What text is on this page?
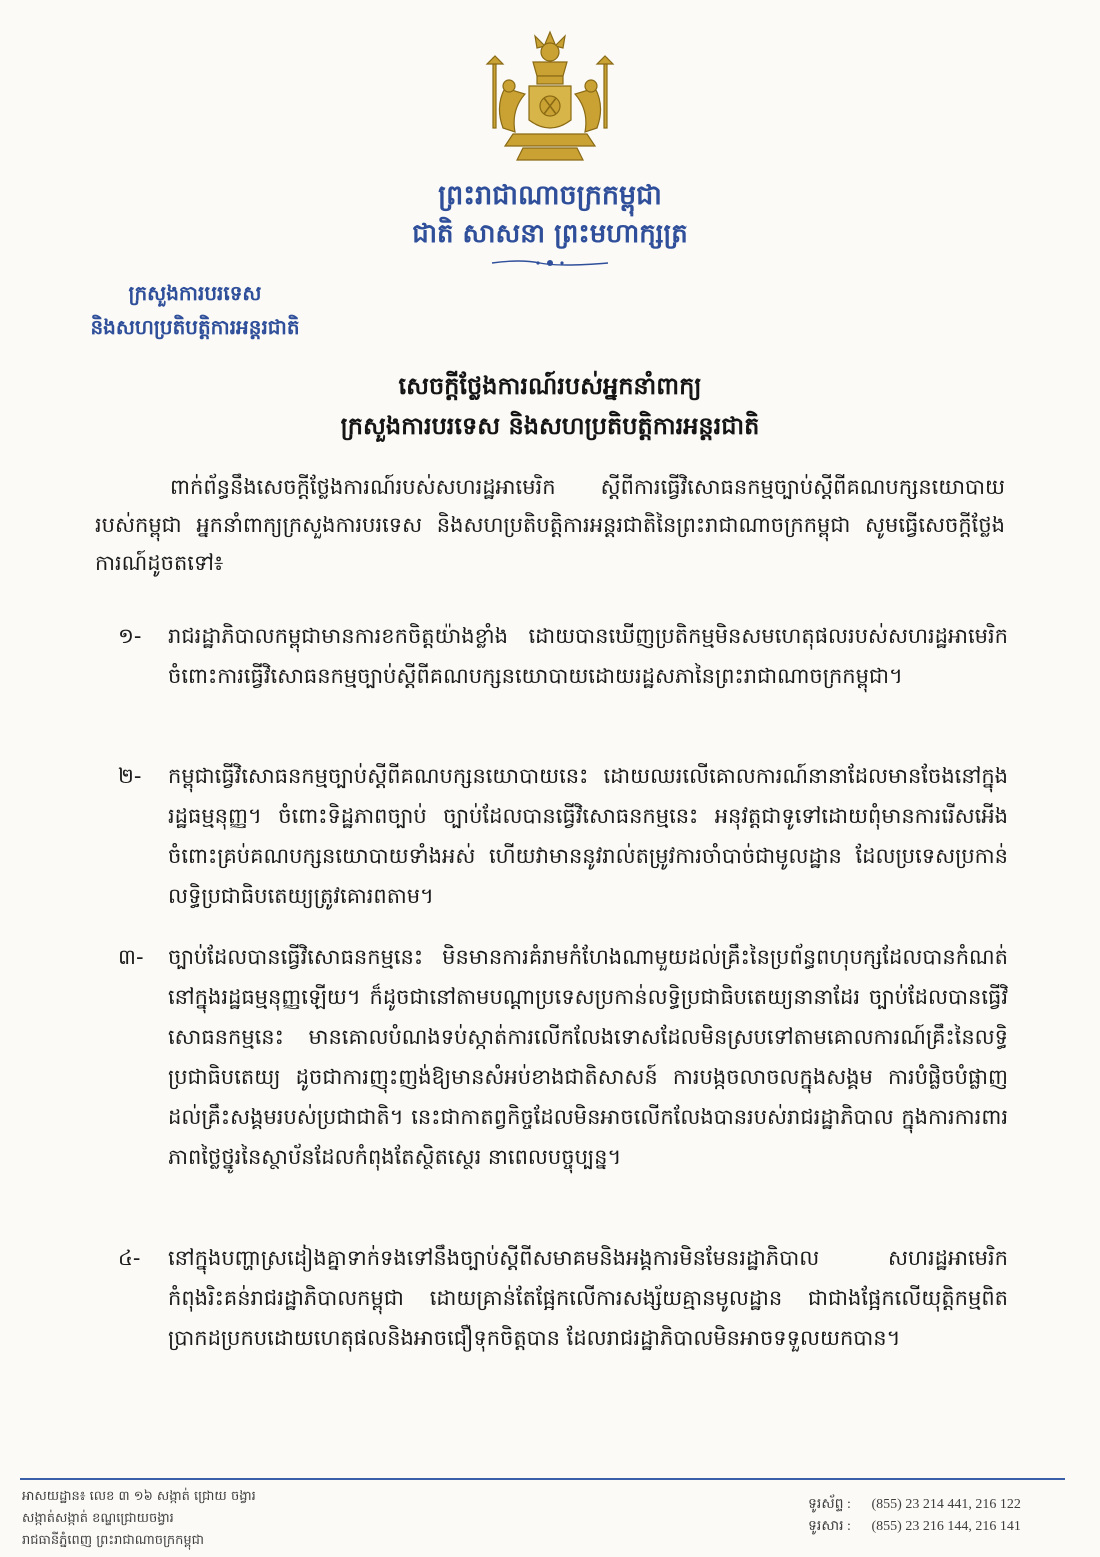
ព្រះរាជាណាចក្រកម្ពុជា
ជាតិ សាសនា ព្រះមហាក្សត្រ
ក្រសួងការបរទេស
និងសហប្រតិបត្តិការអន្តរជាតិ
សេចក្តីថ្លែងការណ៍របស់អ្នកនាំពាក្យ
ក្រសួងការបរទេស និងសហប្រតិបត្តិការអន្តរជាតិ
ពាក់ព័ន្ធនឹងសេចក្តីថ្លែងការណ៍របស់សហរដ្ឋអាមេរិក ស្តីពីការធ្វើវិសោធនកម្មច្បាប់ស្តីពីគណបក្សនយោបាយរបស់កម្ពុជា អ្នកនាំពាក្យក្រសួងការបរទេស និងសហប្រតិបត្តិការអន្តរជាតិនៃព្រះរាជាណាចក្រកម្ពុជា សូមធ្វើសេចក្តីថ្លែងការណ៍ដូចតទៅ៖
១-	រាជរដ្ឋាភិបាលកម្ពុជាមានការខកចិត្តយ៉ាងខ្លាំង ដោយបានឃើញប្រតិកម្មមិនសមហេតុផលរបស់សហរដ្ឋអាមេរិក ចំពោះការធ្វើវិសោធនកម្មច្បាប់ស្តីពីគណបក្សនយោបាយដោយរដ្ឋសភានៃព្រះរាជាណាចក្រកម្ពុជា។
២-	កម្ពុជាធ្វើវិសោធនកម្មច្បាប់ស្តីពីគណបក្សនយោបាយនេះ ដោយឈរលើគោលការណ៍នានាដែលមានចែងនៅក្នុងរដ្ឋធម្មនុញ្ញ។ ចំពោះទិដ្ឋភាពច្បាប់ ច្បាប់ដែលបានធ្វើវិសោធនកម្មនេះ អនុវត្តជាទូទៅដោយពុំមានការរើសអើងចំពោះគ្រប់គណបក្សនយោបាយទាំងអស់ ហើយវាមាននូវរាល់តម្រូវការចាំបាច់ជាមូលដ្ឋាន ដែលប្រទេសប្រកាន់លទ្ធិប្រជាធិបតេយ្យត្រូវគោរពតាម។
៣-	ច្បាប់ដែលបានធ្វើវិសោធនកម្មនេះ មិនមានការគំរាមកំហែងណាមួយដល់គ្រឹះនៃប្រព័ន្ធពហុបក្សដែលបានកំណត់នៅក្នុងរដ្ឋធម្មនុញ្ញឡើយ។ ក៏ដូចជានៅតាមបណ្តាប្រទេសប្រកាន់លទ្ធិប្រជាធិបតេយ្យនានាដែរ ច្បាប់ដែលបានធ្វើវិសោធនកម្មនេះ មានគោលបំណងទប់ស្កាត់ការលើកលែងទោសដែលមិនស្របទៅតាមគោលការណ៍គ្រឹះនៃលទ្ធិប្រជាធិបតេយ្យ ដូចជាការញុះញង់ឱ្យមានសំអប់ខាងជាតិសាសន៍ ការបង្កចលាចលក្នុងសង្គម ការបំផ្លិចបំផ្លាញដល់គ្រឹះសង្គមរបស់ប្រជាជាតិ។ នេះជាកាតព្វកិច្ចដែលមិនអាចលើកលែងបានរបស់រាជរដ្ឋាភិបាល ក្នុងការការពារភាពថ្លៃថ្នូរនៃស្ថាប័នដែលកំពុងតែស្ថិតស្ថេរ នាពេលបច្ចុប្បន្ន។
៤-	នៅក្នុងបញ្ហាស្រដៀងគ្នាទាក់ទងទៅនឹងច្បាប់ស្តីពីសមាគមនិងអង្គការមិនមែនរដ្ឋាភិបាល សហរដ្ឋអាមេរិកកំពុងរិះគន់រាជរដ្ឋាភិបាលកម្ពុជា ដោយគ្រាន់តែផ្អែកលើការសង្ស័យគ្មានមូលដ្ឋាន ជាជាងផ្អែកលើយុត្តិកម្មពិតប្រាកដប្រកបដោយហេតុផលនិងអាចជឿទុកចិត្តបាន ដែលរាជរដ្ឋាភិបាលមិនអាចទទួលយកបាន។
អាសយដ្ឋាន៖ លេខ ៣ ១៦ សង្កាត់ ជ្រោយ ចង្វារ
សង្កាត់សង្កាត់ ខណ្ឌជ្រោយចង្វារ
រាជធានីភ្នំពេញ ព្រះរាជាណាចក្រកម្ពុជា
ទូរស័ព្ទ : (855) 23 214 441, 216 122
ទូរសារ : (855) 23 216 144, 216 141
